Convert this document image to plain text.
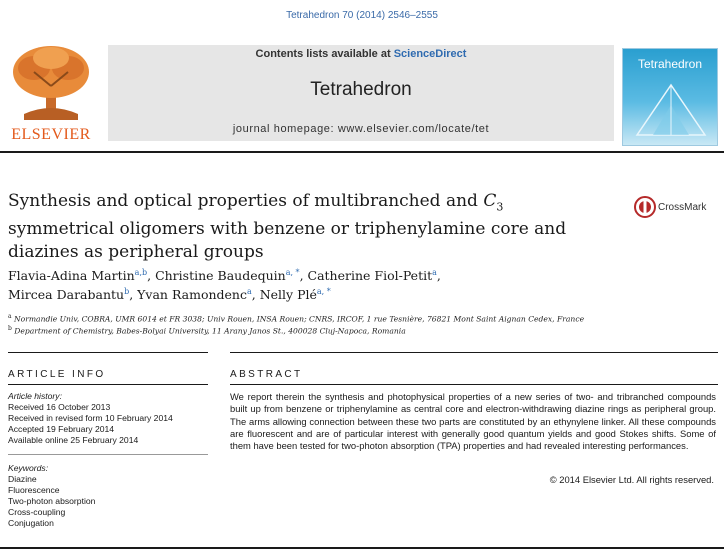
Tetrahedron 70 (2014) 2546–2555
ELSEVIER
Contents lists available at ScienceDirect
Tetrahedron
journal homepage: www.elsevier.com/locate/tet
Tetrahedron
Synthesis and optical properties of multibranched and $C_3$
symmetrical oligomers with benzene or triphenylamine core and
diazines as peripheral groups
CrossMark
Flavia-Adina Martin$^{a,b}$, Christine Baudequin$^{a, *}$, Catherine Fiol-Petit$^a$,
Mircea Darabantu$^b$, Yvan Ramondenc$^a$, Nelly Plé$^{a, *}$
$^a$ Normandie Univ, COBRA, UMR 6014 et FR 3038; Univ Rouen, INSA Rouen; CNRS, IRCOF, 1 rue Tesnière, 76821 Mont Saint Aignan Cedex, France
$^b$ Department of Chemistry, Babes-Bolyai University, 11 Arany Janos St., 400028 Cluj-Napoca, Romania
ARTICLE INFO	ABSTRACT
Article history:
Received 16 October 2013
Received in revised form 10 February 2014
Accepted 19 February 2014
Available online 25 February 2014
Keywords:
Diazine
Fluorescence
Two-photon absorption
Cross-coupling
Conjugation
We report therein the synthesis and photophysical properties of a new series of two- and tribranched compounds built up from benzene or triphenylamine as central core and electron-withdrawing diazine rings as peripheral group. The arms allowing connection between these two parts are constituted by an ethynylene linker. All these compounds are fluorescent and are of particular interest with generally good quantum yields and good Stokes shifts. Some of them have been tested for two-photon absorption (TPA) properties and had revealed interesting performances.
© 2014 Elsevier Ltd. All rights reserved.
